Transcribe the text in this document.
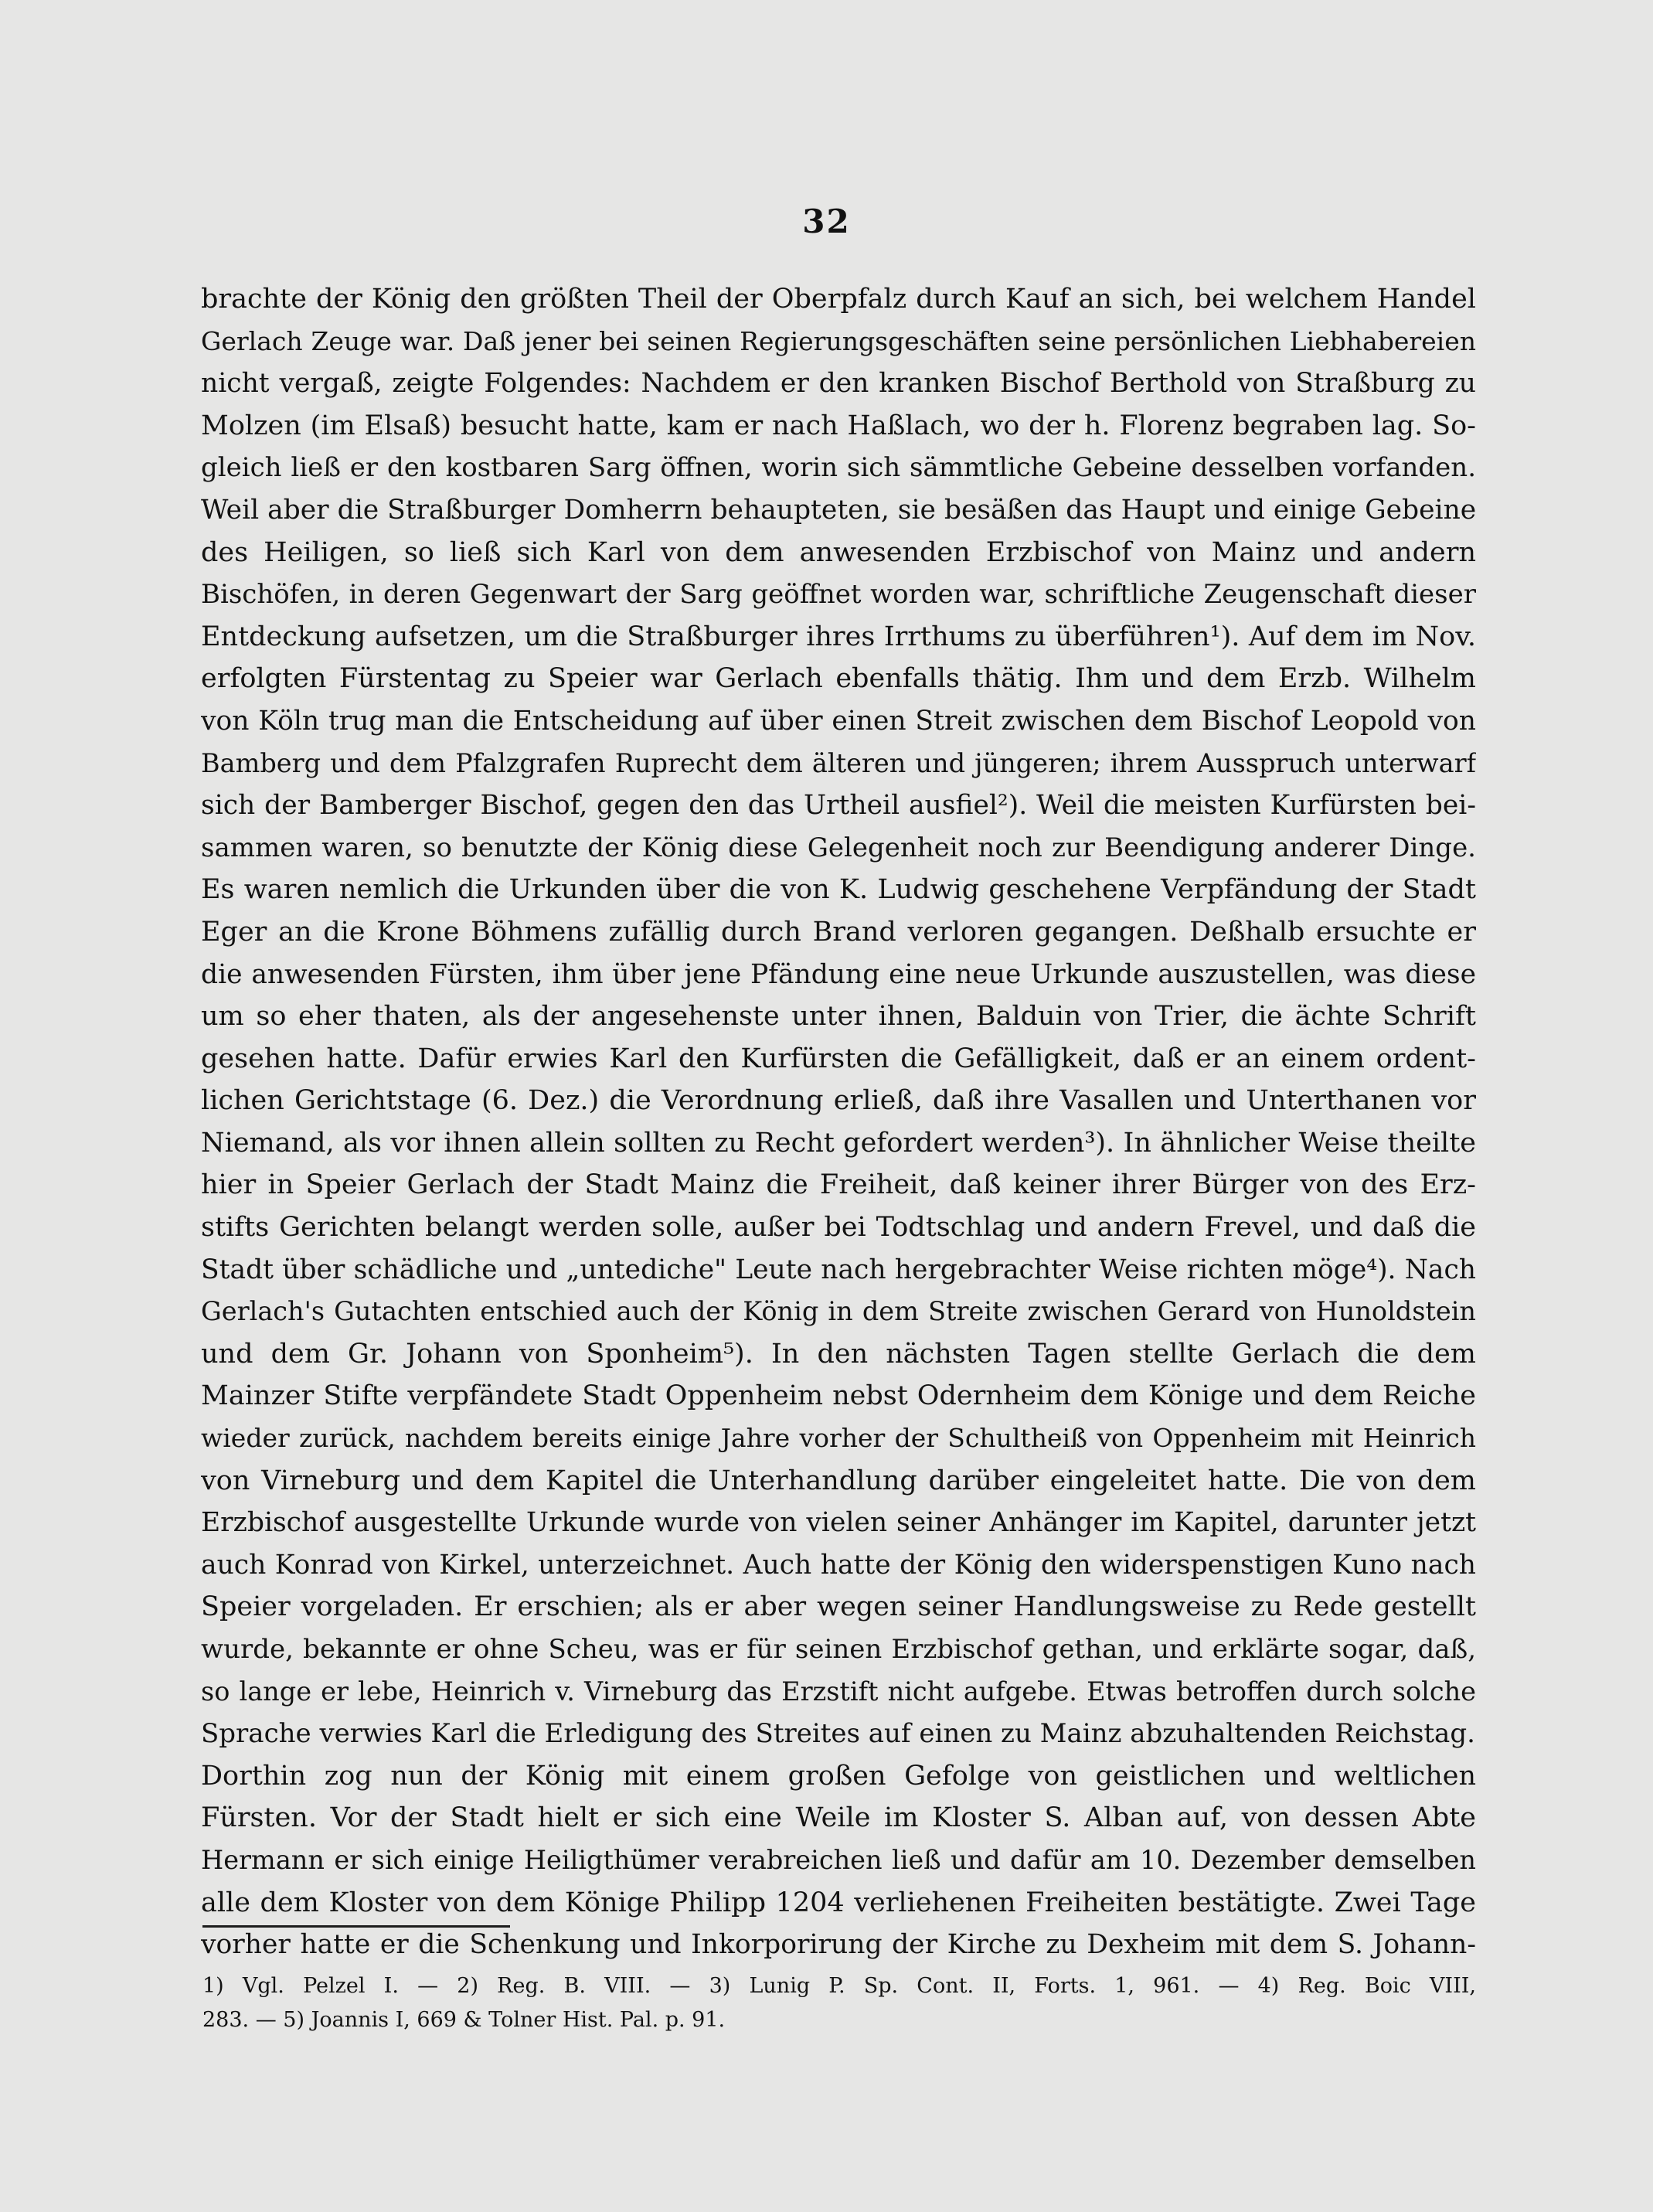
32
brachte der König den größten Theil der Oberpfalz durch Kauf an sich, bei welchem Handel
Gerlach Zeuge war. Daß jener bei seinen Regierungsgeschäften seine persönlichen Liebhabereien
nicht vergaß, zeigte Folgendes: Nachdem er den kranken Bischof Berthold von Straßburg zu
Molzen (im Elsaß) besucht hatte, kam er nach Haßlach, wo der h. Florenz begraben lag. So-
gleich ließ er den kostbaren Sarg öffnen, worin sich sämmtliche Gebeine desselben vorfanden.
Weil aber die Straßburger Domherrn behaupteten, sie besäßen das Haupt und einige Gebeine
des Heiligen, so ließ sich Karl von dem anwesenden Erzbischof von Mainz und andern
Bischöfen, in deren Gegenwart der Sarg geöffnet worden war, schriftliche Zeugenschaft dieser
Entdeckung aufsetzen, um die Straßburger ihres Irrthums zu überführen¹). Auf dem im Nov.
erfolgten Fürstentag zu Speier war Gerlach ebenfalls thätig. Ihm und dem Erzb. Wilhelm
von Köln trug man die Entscheidung auf über einen Streit zwischen dem Bischof Leopold von
Bamberg und dem Pfalzgrafen Ruprecht dem älteren und jüngeren; ihrem Ausspruch unterwarf
sich der Bamberger Bischof, gegen den das Urtheil ausfiel²). Weil die meisten Kurfürsten bei-
sammen waren, so benutzte der König diese Gelegenheit noch zur Beendigung anderer Dinge.
Es waren nemlich die Urkunden über die von K. Ludwig geschehene Verpfändung der Stadt
Eger an die Krone Böhmens zufällig durch Brand verloren gegangen. Deßhalb ersuchte er
die anwesenden Fürsten, ihm über jene Pfändung eine neue Urkunde auszustellen, was diese
um so eher thaten, als der angesehenste unter ihnen, Balduin von Trier, die ächte Schrift
gesehen hatte. Dafür erwies Karl den Kurfürsten die Gefälligkeit, daß er an einem ordent-
lichen Gerichtstage (6. Dez.) die Verordnung erließ, daß ihre Vasallen und Unterthanen vor
Niemand, als vor ihnen allein sollten zu Recht gefordert werden³). In ähnlicher Weise theilte
hier in Speier Gerlach der Stadt Mainz die Freiheit, daß keiner ihrer Bürger von des Erz-
stifts Gerichten belangt werden solle, außer bei Todtschlag und andern Frevel, und daß die
Stadt über schädliche und „untediche" Leute nach hergebrachter Weise richten möge⁴). Nach
Gerlach's Gutachten entschied auch der König in dem Streite zwischen Gerard von Hunoldstein
und dem Gr. Johann von Sponheim⁵). In den nächsten Tagen stellte Gerlach die dem
Mainzer Stifte verpfändete Stadt Oppenheim nebst Odernheim dem Könige und dem Reiche
wieder zurück, nachdem bereits einige Jahre vorher der Schultheiß von Oppenheim mit Heinrich
von Virneburg und dem Kapitel die Unterhandlung darüber eingeleitet hatte. Die von dem
Erzbischof ausgestellte Urkunde wurde von vielen seiner Anhänger im Kapitel, darunter jetzt
auch Konrad von Kirkel, unterzeichnet. Auch hatte der König den widerspenstigen Kuno nach
Speier vorgeladen. Er erschien; als er aber wegen seiner Handlungsweise zu Rede gestellt
wurde, bekannte er ohne Scheu, was er für seinen Erzbischof gethan, und erklärte sogar, daß,
so lange er lebe, Heinrich v. Virneburg das Erzstift nicht aufgebe. Etwas betroffen durch solche
Sprache verwies Karl die Erledigung des Streites auf einen zu Mainz abzuhaltenden Reichstag.
Dorthin zog nun der König mit einem großen Gefolge von geistlichen und weltlichen
Fürsten. Vor der Stadt hielt er sich eine Weile im Kloster S. Alban auf, von dessen Abte
Hermann er sich einige Heiligthümer verabreichen ließ und dafür am 10. Dezember demselben
alle dem Kloster von dem Könige Philipp 1204 verliehenen Freiheiten bestätigte. Zwei Tage
vorher hatte er die Schenkung und Inkorporirung der Kirche zu Dexheim mit dem S. Johann-
1) Vgl. Pelzel I. — 2) Reg. B. VIII. — 3) Lunig P. Sp. Cont. II, Forts. 1, 961. — 4) Reg. Boic VIII,
283. — 5) Joannis I, 669 & Tolner Hist. Pal. p. 91.
